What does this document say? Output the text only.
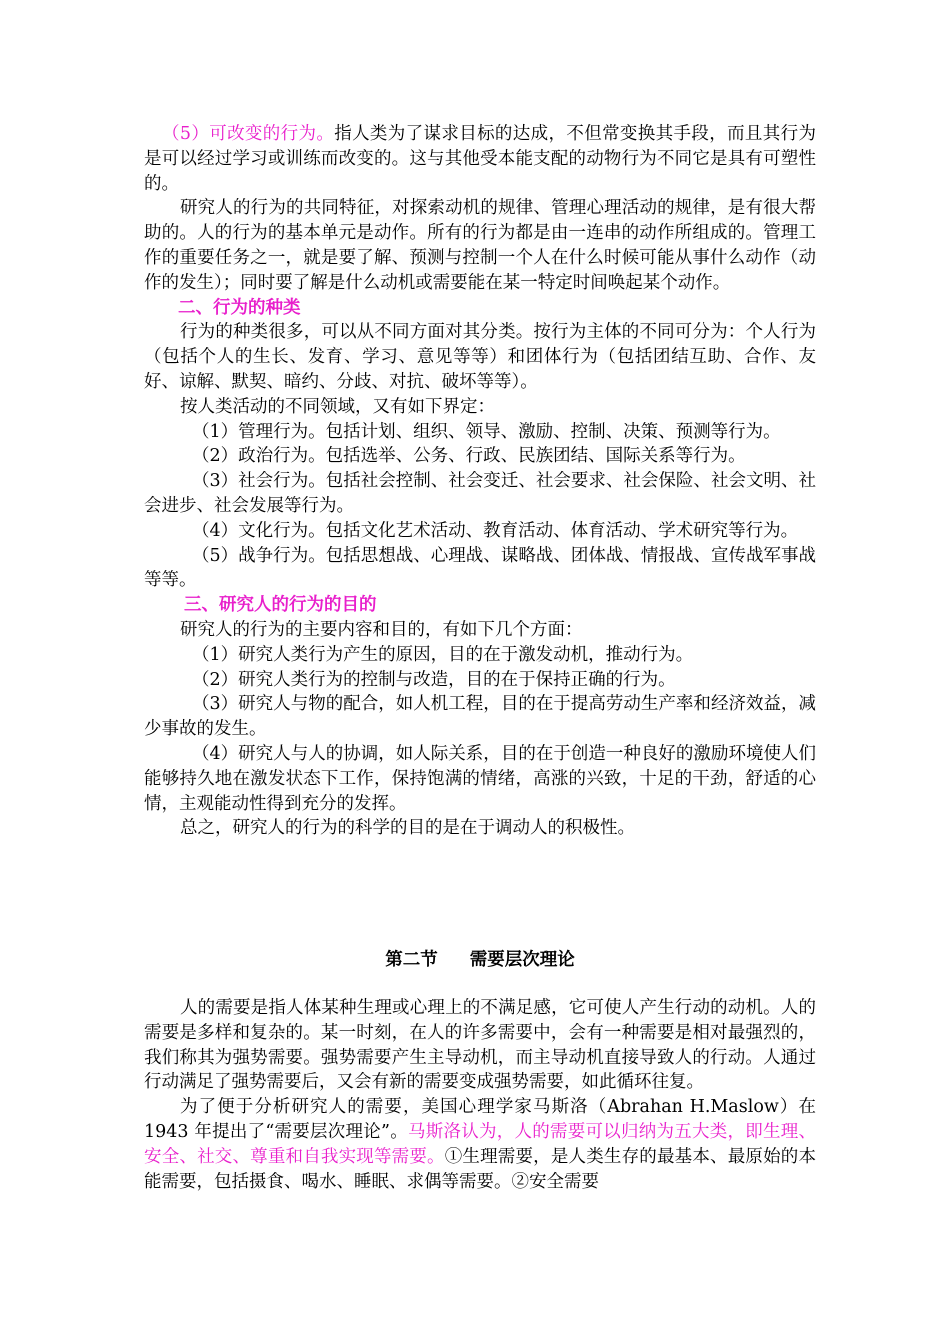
（5）可改变的行为。指人类为了谋求目标的达成，不但常变换其手段，而且其行为是可以经过学习或训练而改变的。这与其他受本能支配的动物行为不同它是具有可塑性的。

研究人的行为的共同特征，对探索动机的规律、管理心理活动的规律，是有很大帮助的。人的行为的基本单元是动作。所有的行为都是由一连串的动作所组成的。管理工作的重要任务之一，就是要了解、预测与控制一个人在什么时候可能从事什么动作（动作的发生）；同时要了解是什么动机或需要能在某一特定时间唤起某个动作。

二、行为的种类

行为的种类很多，可以从不同方面对其分类。按行为主体的不同可分为：个人行为（包括个人的生长、发育、学习、意见等等）和团体行为（包括团结互助、合作、友好、谅解、默契、暗约、分歧、对抗、破坏等等）。

按人类活动的不同领域，又有如下界定：

（1）管理行为。包括计划、组织、领导、激励、控制、决策、预测等行为。

（2）政治行为。包括选举、公务、行政、民族团结、国际关系等行为。

（3）社会行为。包括社会控制、社会变迁、社会要求、社会保险、社会文明、社会进步、社会发展等行为。

（4）文化行为。包括文化艺术活动、教育活动、体育活动、学术研究等行为。

（5）战争行为。包括思想战、心理战、谋略战、团体战、情报战、宣传战军事战等等。

三、研究人的行为的目的

研究人的行为的主要内容和目的，有如下几个方面：

（1）研究人类行为产生的原因，目的在于激发动机，推动行为。

（2）研究人类行为的控制与改造，目的在于保持正确的行为。

（3）研究人与物的配合，如人机工程，目的在于提高劳动生产率和经济效益，减少事故的发生。

（4）研究人与人的协调，如人际关系，目的在于创造一种良好的激励环境使人们能够持久地在激发状态下工作，保持饱满的情绪，高涨的兴致，十足的干劲，舒适的心情，主观能动性得到充分的发挥。

总之，研究人的行为的科学的目的是在于调动人的积极性。

第二节 需要层次理论

人的需要是指人体某种生理或心理上的不满足感，它可使人产生行动的动机。人的需要是多样和复杂的。某一时刻，在人的许多需要中，会有一种需要是相对最强烈的，我们称其为强势需要。强势需要产生主导动机，而主导动机直接导致人的行动。人通过行动满足了强势需要后，又会有新的需要变成强势需要，如此循环往复。

为了便于分析研究人的需要，美国心理学家马斯洛（Abrahan H.Maslow）在 1943 年提出了“需要层次理论”。马斯洛认为，人的需要可以归纳为五大类，即生理、安全、社交、尊重和自我实现等需要。①生理需要，是人类生存的最基本、最原始的本能需要，包括摄食、喝水、睡眠、求偶等需要。②安全需要
